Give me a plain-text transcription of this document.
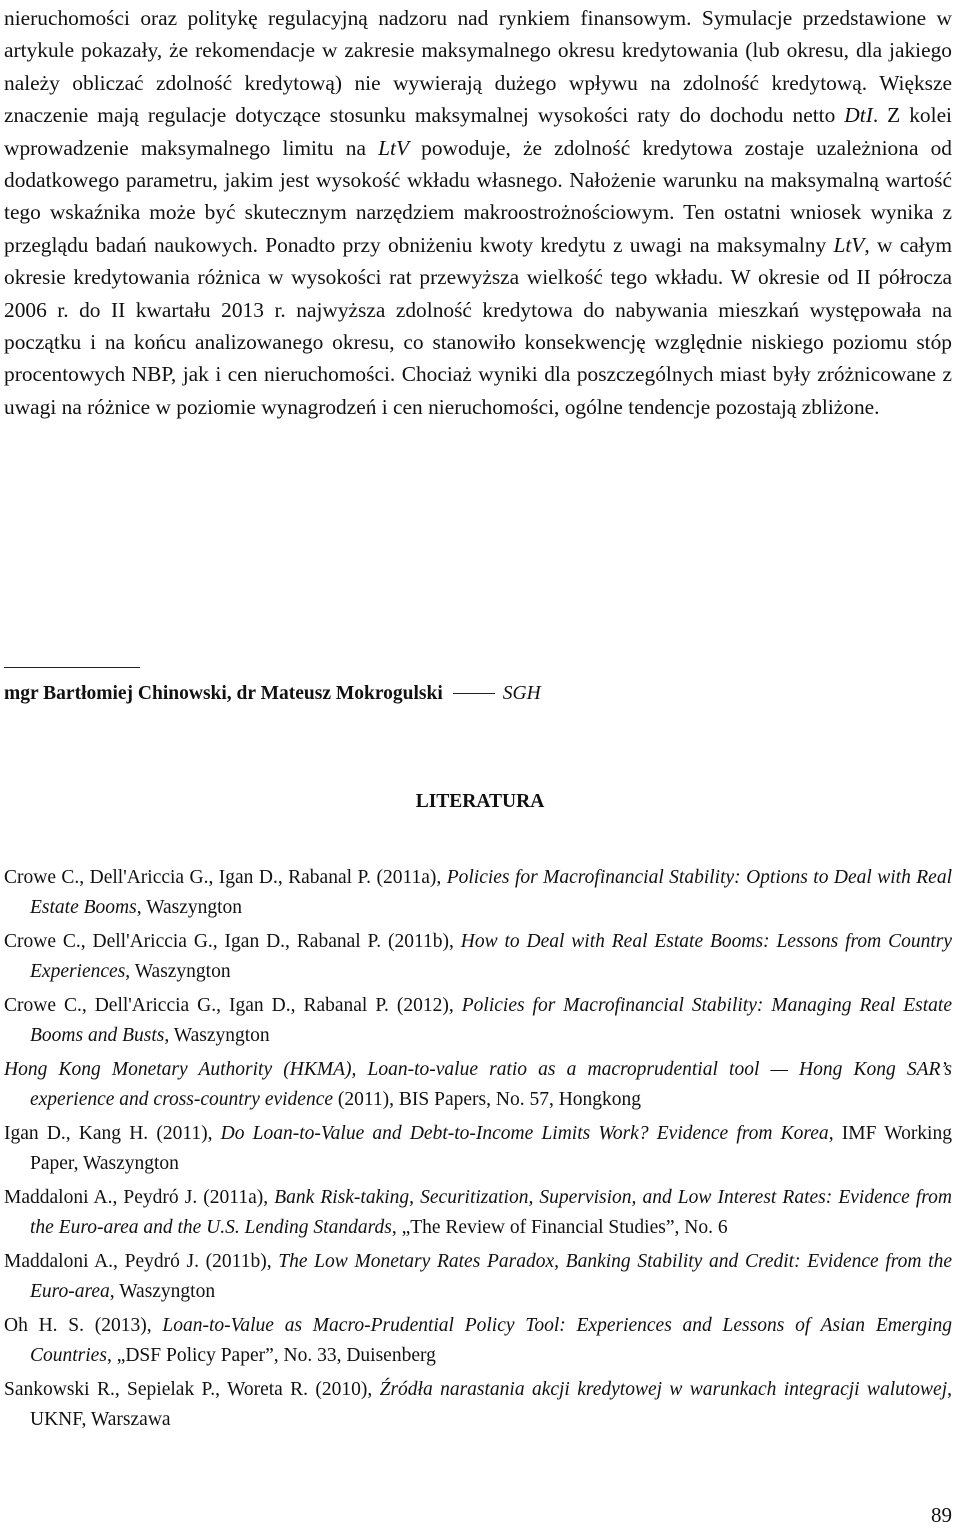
nieruchomości oraz politykę regulacyjną nadzoru nad rynkiem finansowym. Symulacje przedstawione w artykule pokazały, że rekomendacje w zakresie maksymalnego okresu kredytowania (lub okresu, dla jakiego należy obliczać zdolność kredytową) nie wywierają dużego wpływu na zdolność kredytową. Większe znaczenie mają regulacje dotyczące stosunku maksymalnej wysokości raty do dochodu netto DtI. Z kolei wprowadzenie maksymalnego limitu na LtV powoduje, że zdolność kredytowa zostaje uzależniona od dodatkowego parametru, jakim jest wysokość wkładu własnego. Nałożenie warunku na maksymalną wartość tego wskaźnika może być skutecznym narzędziem makroostrożnościowym. Ten ostatni wniosek wynika z przeglądu badań naukowych. Ponadto przy obniżeniu kwoty kredytu z uwagi na maksymalny LtV, w całym okresie kredytowania różnica w wysokości rat przewyższa wielkość tego wkładu. W okresie od II półrocza 2006 r. do II kwartału 2013 r. najwyższa zdolność kredytowa do nabywania mieszkań występowała na początku i na końcu analizowanego okresu, co stanowiło konsekwencję względnie niskiego poziomu stóp procentowych NBP, jak i cen nieruchomości. Chociaż wyniki dla poszczególnych miast były zróżnicowane z uwagi na różnice w poziomie wynagrodzeń i cen nieruchomości, ogólne tendencje pozostają zbliżone.

mgr Bartłomiej Chinowski, dr Mateusz Mokrogulski	SGH
LITERATURA

Crowe C., Dell'Ariccia G., Igan D., Rabanal P. (2011a), Policies for Macrofinancial Stability: Options to Deal with Real Estate Booms, Waszyngton

Crowe C., Dell'Ariccia G., Igan D., Rabanal P. (2011b), How to Deal with Real Estate Booms: Lessons from Country Experiences, Waszyngton

Crowe C., Dell'Ariccia G., Igan D., Rabanal P. (2012), Policies for Macrofinancial Stability: Managing Real Estate Booms and Busts, Waszyngton

Hong Kong Monetary Authority (HKMA), Loan-to-value ratio as a macroprudential tool — Hong Kong SAR’s experience and cross-country evidence (2011), BIS Papers, No. 57, Hongkong

Igan D., Kang H. (2011), Do Loan-to-Value and Debt-to-Income Limits Work? Evidence from Korea, IMF Working Paper, Waszyngton

Maddaloni A., Peydró J. (2011a), Bank Risk-taking, Securitization, Supervision, and Low Interest Rates: Evidence from the Euro-area and the U.S. Lending Standards, „The Review of Financial Studies”, No. 6

Maddaloni A., Peydró J. (2011b), The Low Monetary Rates Paradox, Banking Stability and Credit: Evidence from the Euro-area, Waszyngton

Oh H. S. (2013), Loan-to-Value as Macro-Prudential Policy Tool: Experiences and Lessons of Asian Emerging Countries, „DSF Policy Paper”, No. 33, Duisenberg

Sankowski R., Sepielak P., Woreta R. (2010), Źródła narastania akcji kredytowej w warunkach integracji walutowej, UKNF, Warszawa

89
